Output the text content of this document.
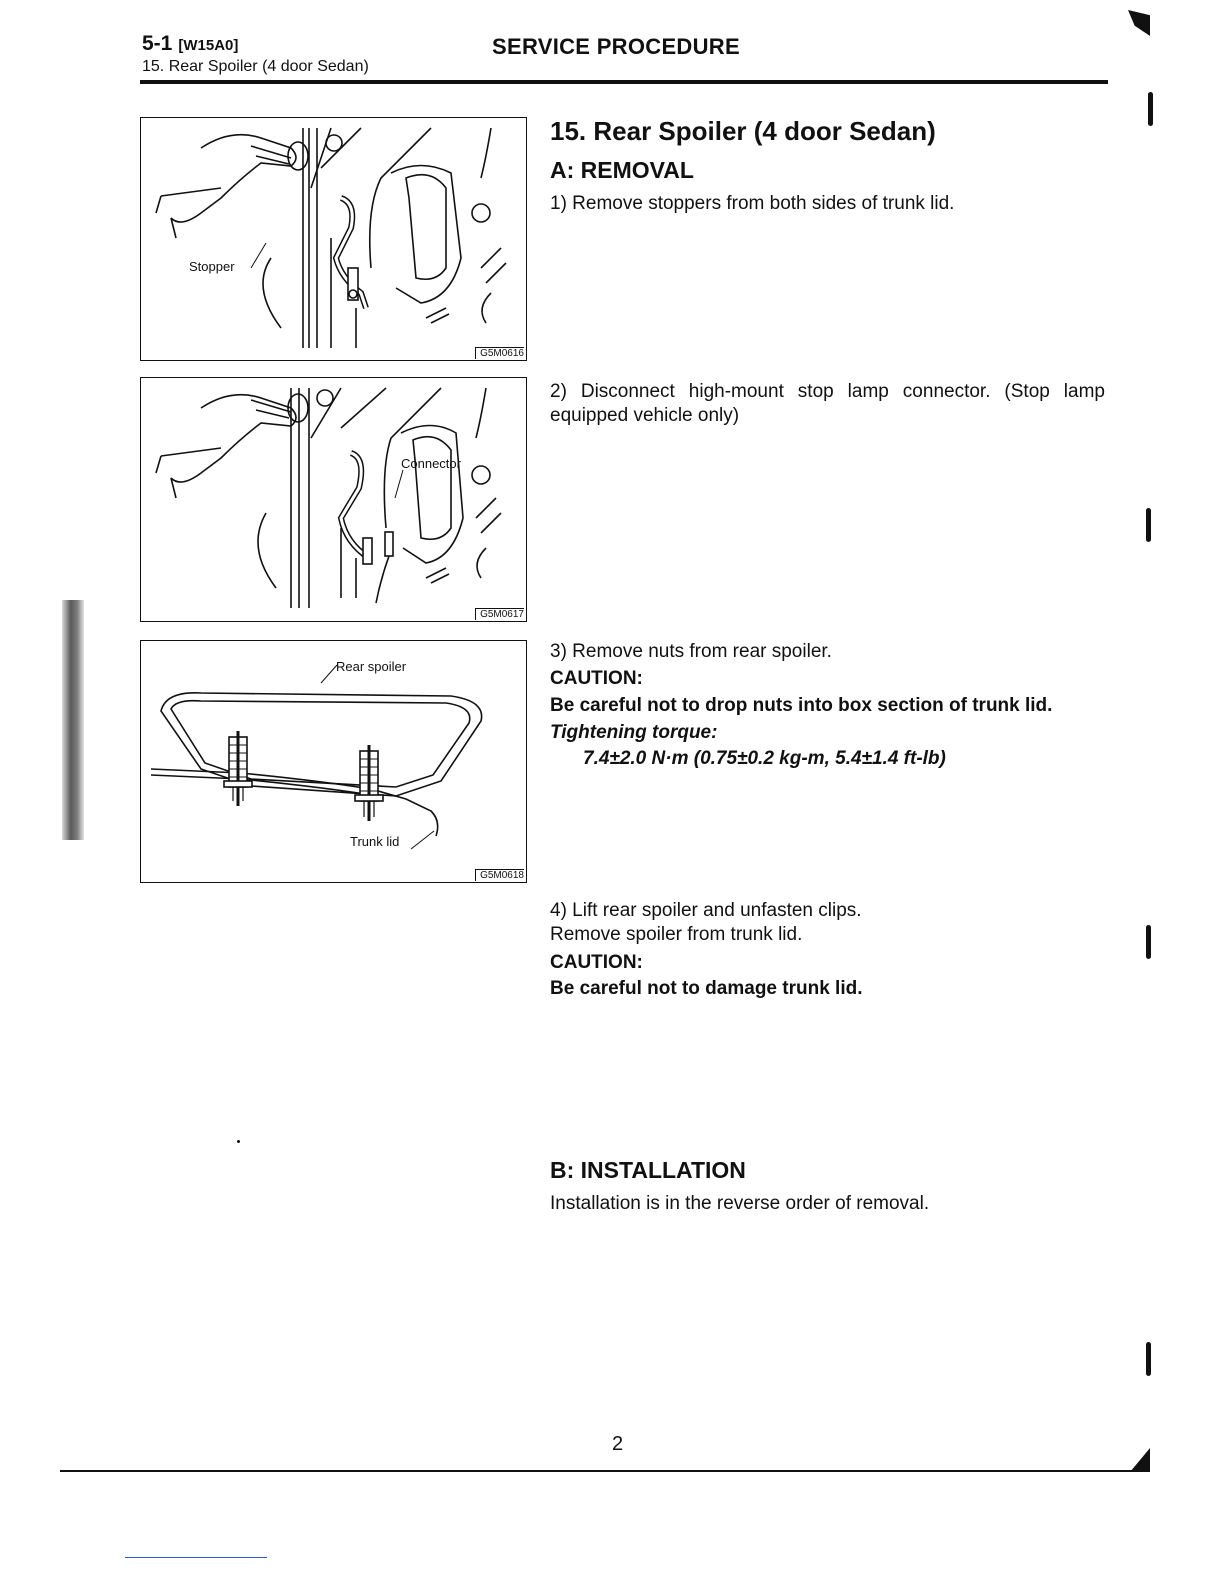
5-1 [W15A0]
15. Rear Spoiler (4 door Sedan)
SERVICE PROCEDURE
Stopper
G5M0616
Connector
G5M0617
Rear spoiler
Trunk lid
G5M0618
15. Rear Spoiler (4 door Sedan)
A: REMOVAL
1) Remove stoppers from both sides of trunk lid.
2) Disconnect high-mount stop lamp connector. (Stop lamp equipped vehicle only)
3) Remove nuts from rear spoiler.
CAUTION:
Be careful not to drop nuts into box section of trunk lid.
Tightening torque:
7.4±2.0 N·m (0.75±0.2 kg-m, 5.4±1.4 ft-lb)
4) Lift rear spoiler and unfasten clips.
Remove spoiler from trunk lid.
CAUTION:
Be careful not to damage trunk lid.
B: INSTALLATION
Installation is in the reverse order of removal.
2
